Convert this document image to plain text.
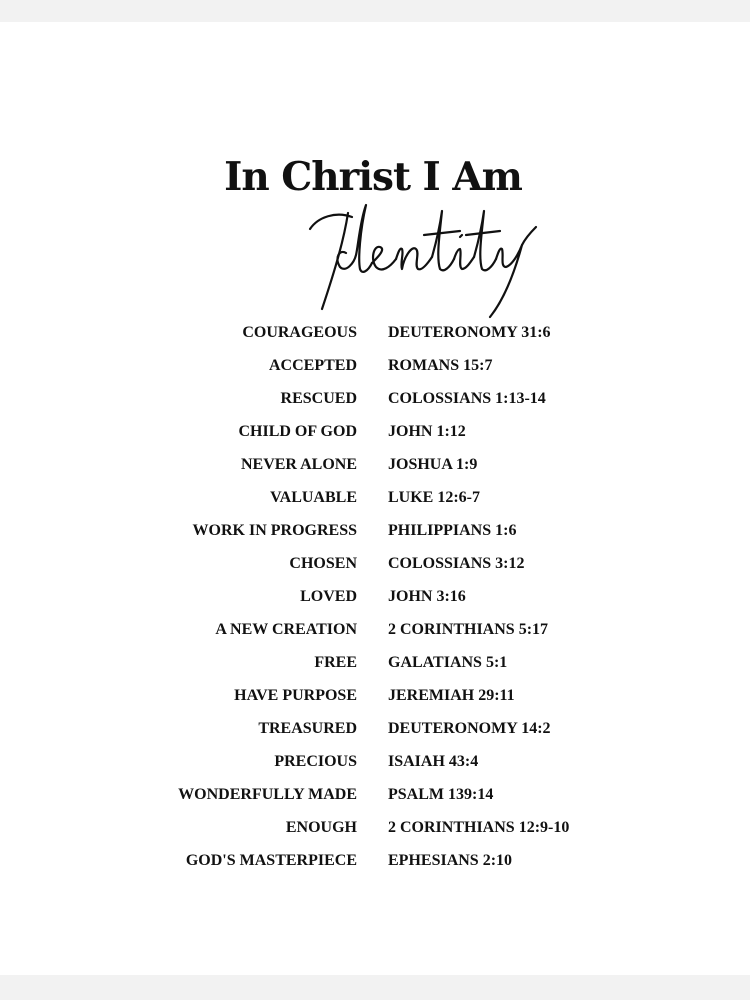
In Christ I Am
COURAGEOUS DEUTERONOMY 31:6
ACCEPTED ROMANS 15:7
RESCUED COLOSSIANS 1:13-14
CHILD OF GOD JOHN 1:12
NEVER ALONE JOSHUA 1:9
VALUABLE LUKE 12:6-7
WORK IN PROGRESS PHILIPPIANS 1:6
CHOSEN COLOSSIANS 3:12
LOVED JOHN 3:16
A NEW CREATION 2 CORINTHIANS 5:17
FREE GALATIANS 5:1
HAVE PURPOSE JEREMIAH 29:11
TREASURED DEUTERONOMY 14:2
PRECIOUS ISAIAH 43:4
WONDERFULLY MADE PSALM 139:14
ENOUGH 2 CORINTHIANS 12:9-10
GOD'S MASTERPIECE EPHESIANS 2:10
